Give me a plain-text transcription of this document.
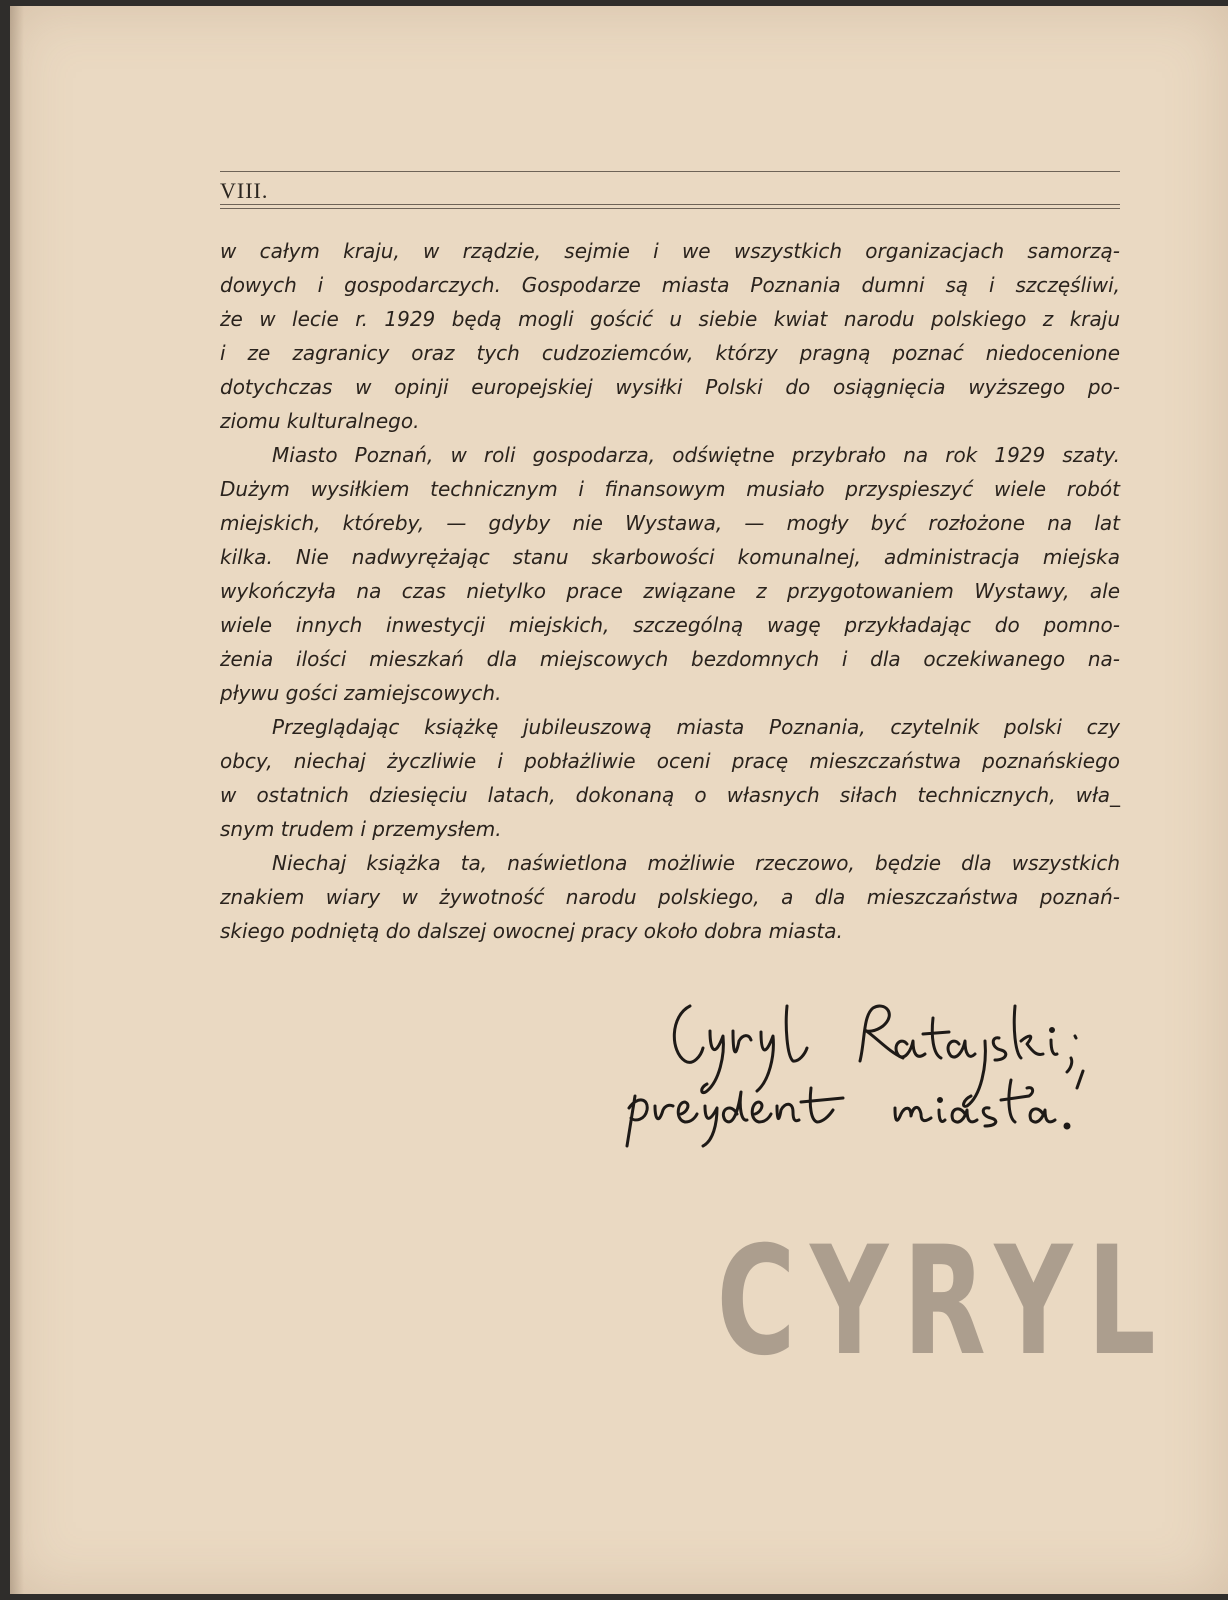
VIII.
w całym kraju, w rządzie, sejmie i we wszystkich organizacjach samorzą-
dowych i gospodarczych. Gospodarze miasta Poznania dumni są i szczęśliwi,
że w lecie r. 1929 będą mogli gościć u siebie kwiat narodu polskiego z kraju
i ze zagranicy oraz tych cudzoziemców, którzy pragną poznać niedocenione
dotychczas w opinji europejskiej wysiłki Polski do osiągnięcia wyższego po-
ziomu kulturalnego.
Miasto Poznań, w roli gospodarza, odświętne przybrało na rok 1929 szaty.
Dużym wysiłkiem technicznym i finansowym musiało przyspieszyć wiele robót
miejskich, któreby, — gdyby nie Wystawa, — mogły być rozłożone na lat
kilka. Nie nadwyrężając stanu skarbowości komunalnej, administracja miejska
wykończyła na czas nietylko prace związane z przygotowaniem Wystawy, ale
wiele innych inwestycji miejskich, szczególną wagę przykładając do pomno-
żenia ilości mieszkań dla miejscowych bezdomnych i dla oczekiwanego na-
pływu gości zamiejscowych.
Przeglądając książkę jubileuszową miasta Poznania, czytelnik polski czy
obcy, niechaj życzliwie i pobłażliwie oceni pracę mieszczaństwa poznańskiego
w ostatnich dziesięciu latach, dokonaną o własnych siłach technicznych, wła_
snym trudem i przemysłem.
Niechaj książka ta, naświetlona możliwie rzeczowo, będzie dla wszystkich
znakiem wiary w żywotność narodu polskiego, a dla mieszczaństwa poznań-
skiego podniętą do dalszej owocnej pracy około dobra miasta.
CYRYL
